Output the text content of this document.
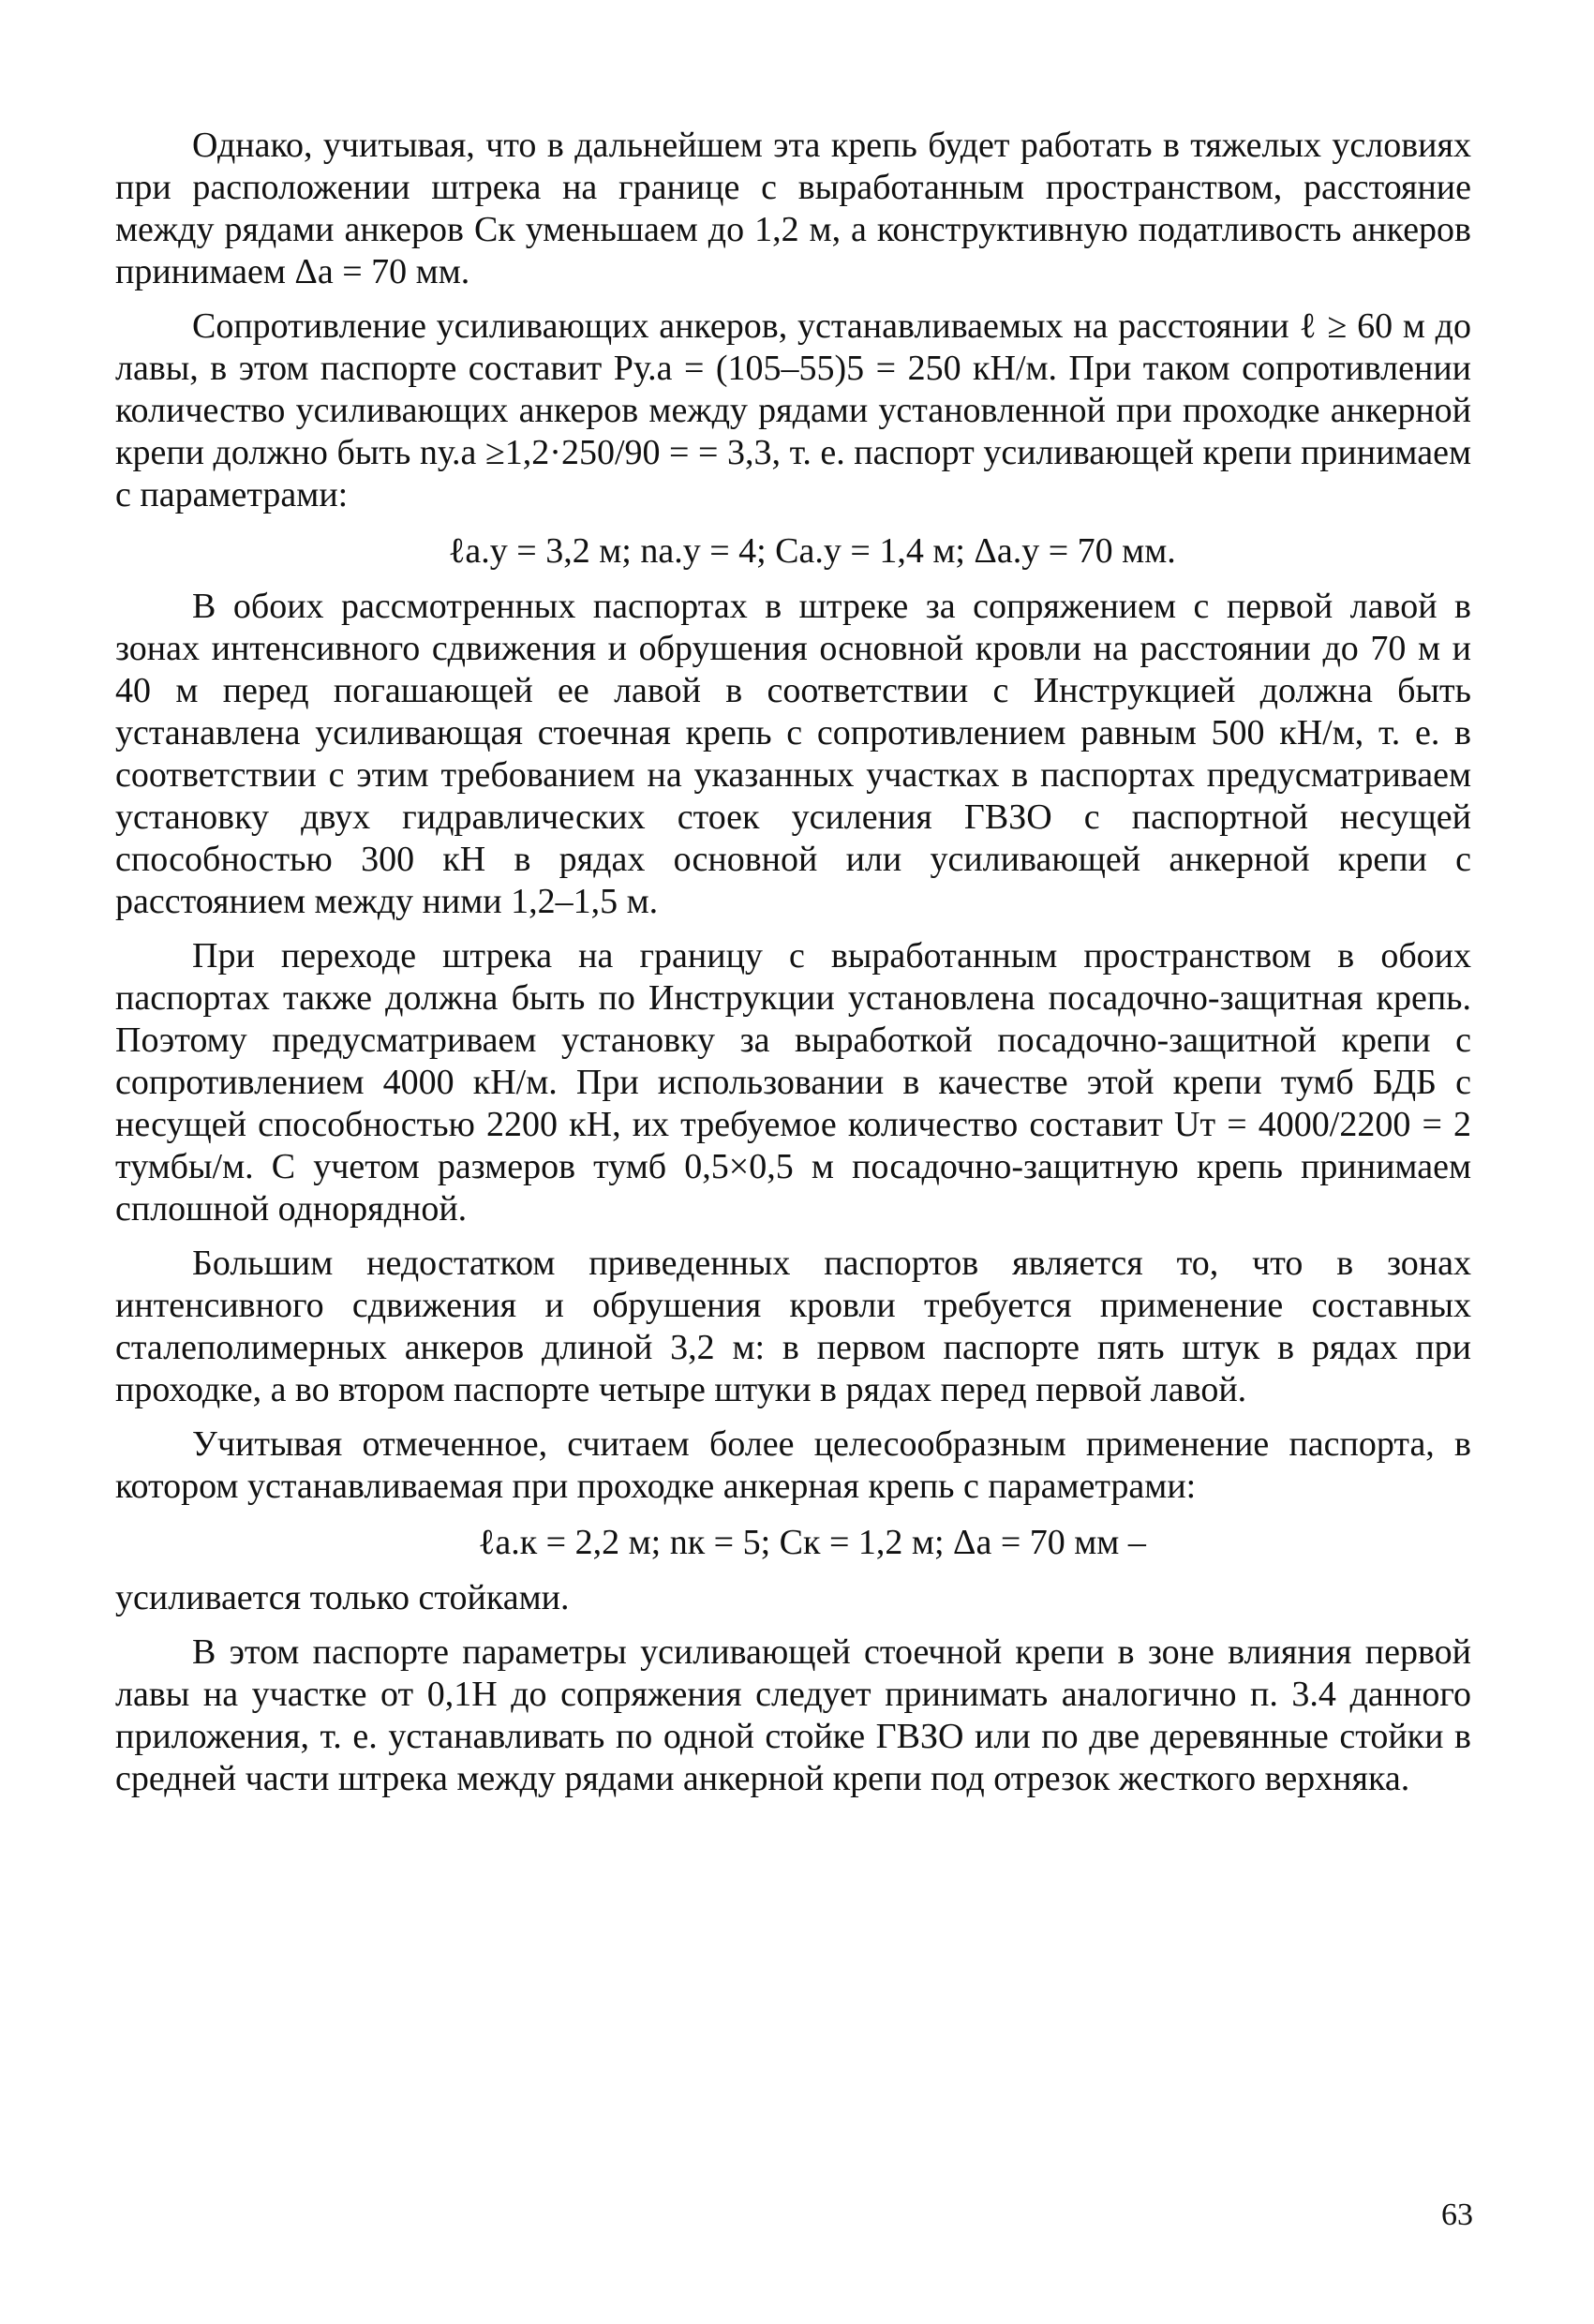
Однако, учитывая, что в дальнейшем эта крепь будет работать в тяжелых условиях при расположении штрека на границе с выработанным пространством, расстояние между рядами анкеров Cк уменьшаем до 1,2 м, а конструктивную податливость анкеров принимаем Δа = 70 мм.

Сопротивление усиливающих анкеров, устанавливаемых на расстоянии ℓ ≥ 60 м до лавы, в этом паспорте составит Pу.а = (105–55)5 = 250 кН/м. При таком сопротивлении количество усиливающих анкеров между рядами установленной при проходке анкерной крепи должно быть nу.а ≥1,2·250/90 = = 3,3, т. е. паспорт усиливающей крепи принимаем с параметрами:

ℓа.у = 3,2 м; nа.у = 4; Cа.у = 1,4 м; Δа.у = 70 мм.

В обоих рассмотренных паспортах в штреке за сопряжением с первой лавой в зонах интенсивного сдвижения и обрушения основной кровли на расстоянии до 70 м и 40 м перед погашающей ее лавой в соответствии с Инструкцией должна быть устанавлена усиливающая стоечная крепь с сопротивлением равным 500 кН/м, т. е. в соответствии с этим требованием на указанных участках в паспортах предусматриваем установку двух гидравлических стоек усиления ГВЗО с паспортной несущей способностью 300 кН в рядах основной или усиливающей анкерной крепи с расстоянием между ними 1,2–1,5 м.

При переходе штрека на границу с выработанным пространством в обоих паспортах также должна быть по Инструкции установлена посадочно-защитная крепь. Поэтому предусматриваем установку за выработкой посадочно-защитной крепи с сопротивлением 4000 кН/м. При использовании в качестве этой крепи тумб БДБ с несущей способностью 2200 кН, их требуемое количество составит Uт = 4000/2200 = 2 тумбы/м. С учетом размеров тумб 0,5×0,5 м посадочно-защитную крепь принимаем сплошной однорядной.

Большим недостатком приведенных паспортов является то, что в зонах интенсивного сдвижения и обрушения кровли требуется применение составных сталеполимерных анкеров длиной 3,2 м: в первом паспорте пять штук в рядах при проходке, а во втором паспорте четыре штуки в рядах перед первой лавой.

Учитывая отмеченное, считаем более целесообразным применение паспорта, в котором устанавливаемая при проходке анкерная крепь с параметрами:

ℓа.к = 2,2 м; nк = 5; Cк = 1,2 м; Δа = 70 мм –

усиливается только стойками.

В этом паспорте параметры усиливающей стоечной крепи в зоне влияния первой лавы на участке от 0,1H до сопряжения следует принимать аналогично п. 3.4 данного приложения, т. е. устанавливать по одной стойке ГВЗО или по две деревянные стойки в средней части штрека между рядами анкерной крепи под отрезок жесткого верхняка.

63
